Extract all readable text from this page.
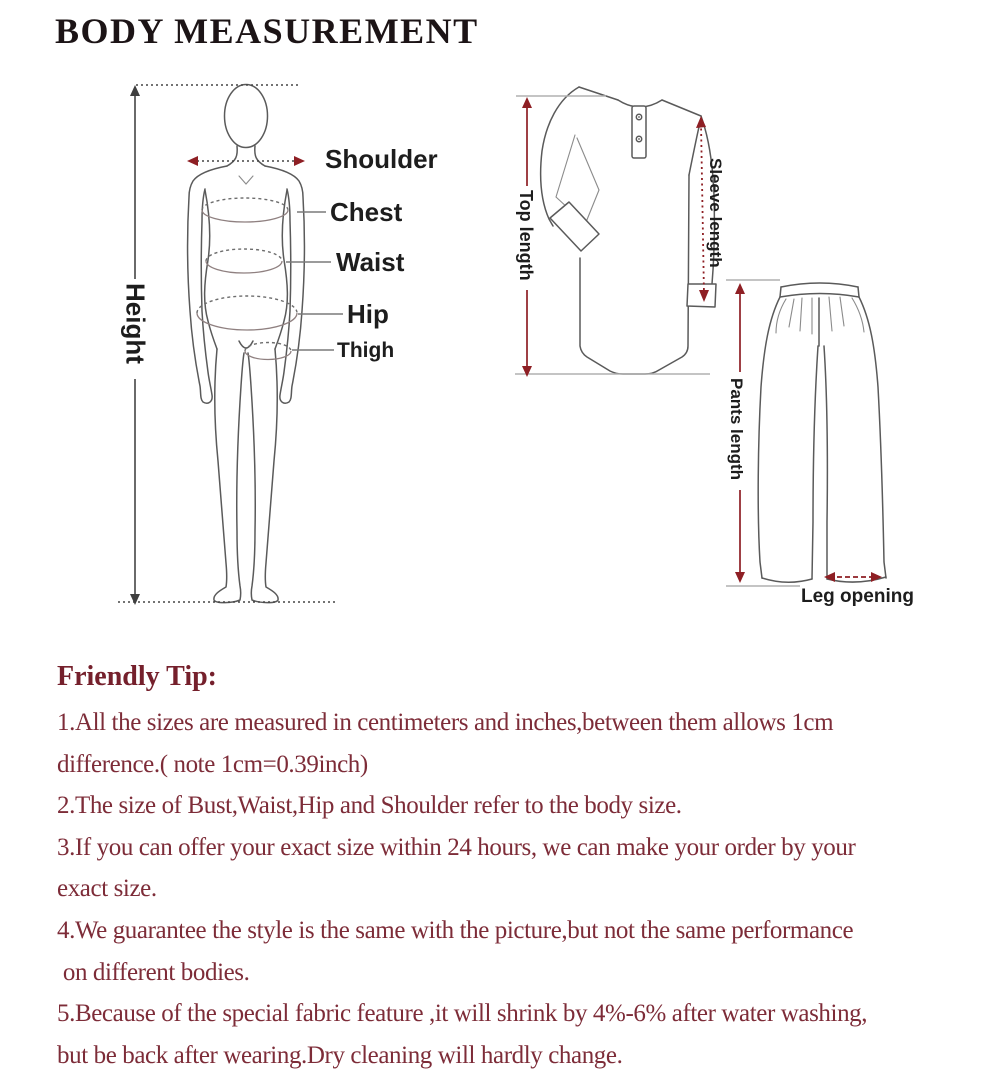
BODY MEASUREMENT
Height
Shoulder
Chest
Waist
Hip
Thigh
Top length	Sleeve length
Pants length
Leg opening

Friendly Tip:

1.All the sizes are measured in centimeters and inches,between them allows 1cm

difference.( note 1cm=0.39inch)

2.The size of Bust,Waist,Hip and Shoulder refer to the body size.

3.If you can offer your exact size within 24 hours, we can make your order by your

exact size.

4.We guarantee the style is the same with the picture,but not the same performance

on different bodies.

5.Because of the special fabric feature ,it will shrink by 4%-6% after water washing,

but be back after wearing.Dry cleaning will hardly change.
